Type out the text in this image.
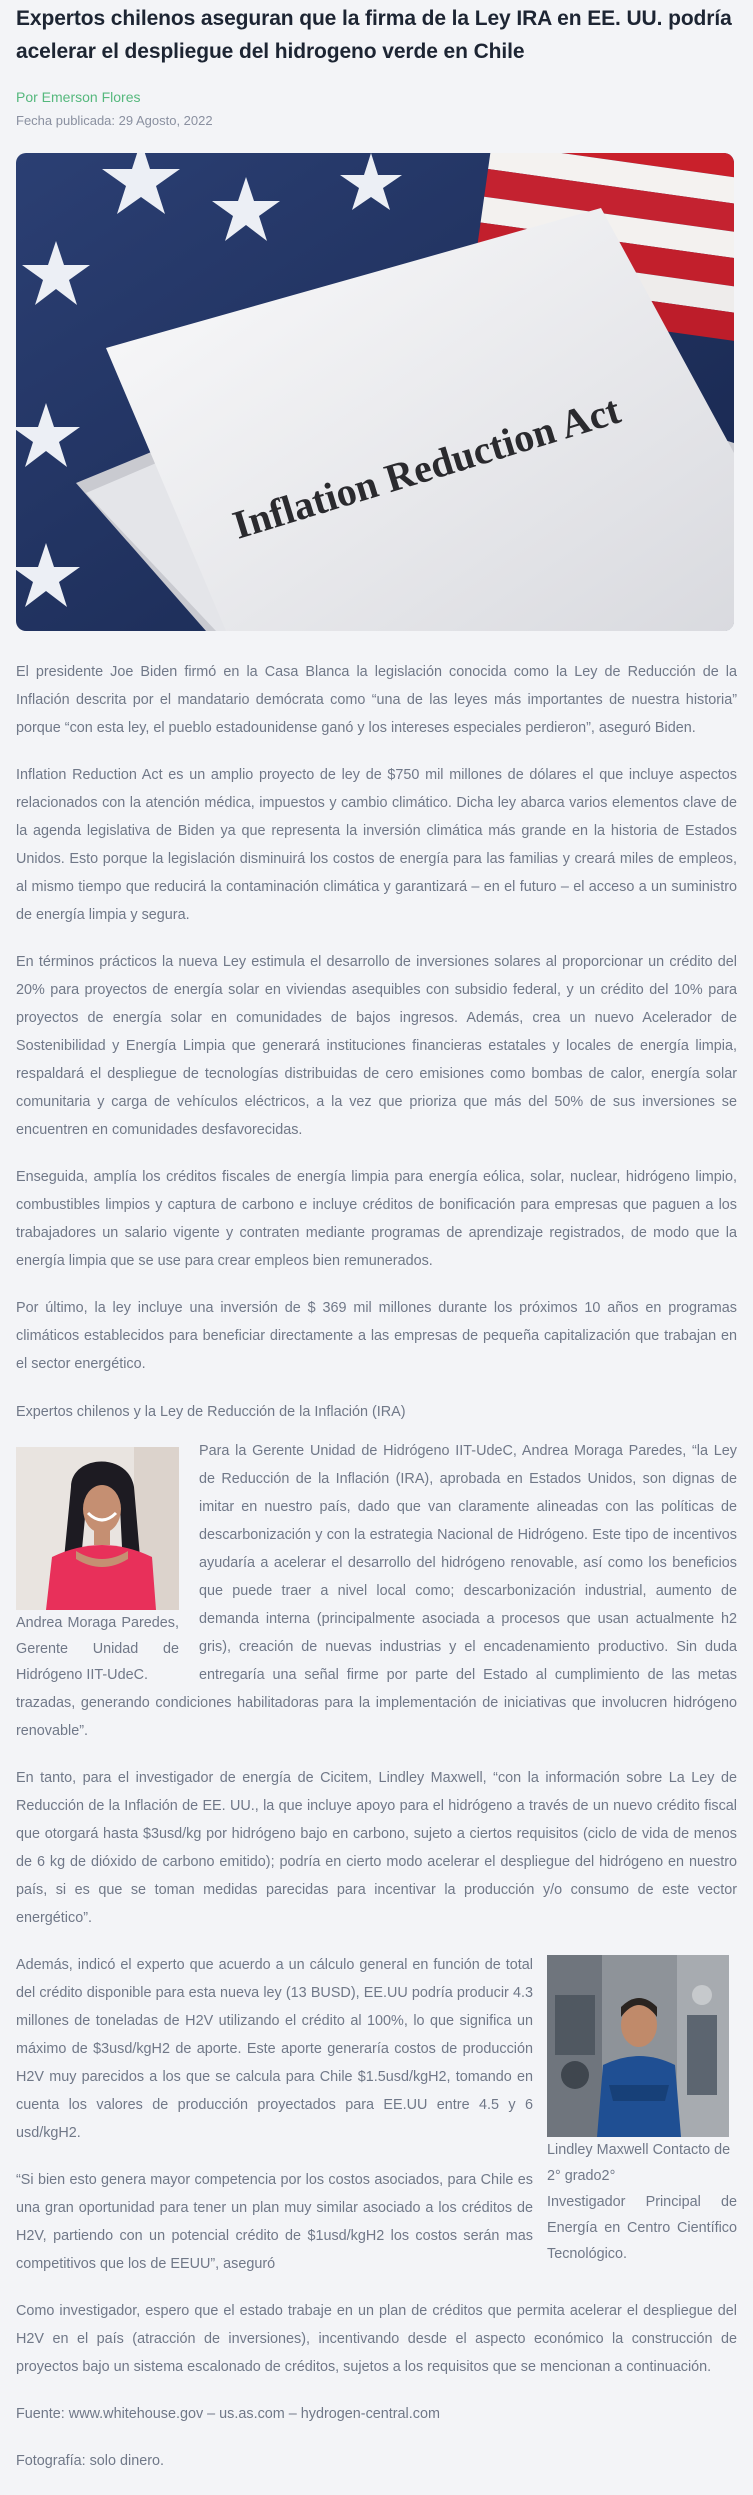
Expertos chilenos aseguran que la firma de la Ley IRA en EE. UU. podría acelerar el despliegue del hidrogeno verde en Chile
Por Emerson Flores
Fecha publicada: 29 Agosto, 2022
Inflation Reduction Act

El presidente Joe Biden firmó en la Casa Blanca la legislación conocida como la Ley de Reducción de la Inflación descrita por el mandatario demócrata como “una de las leyes más importantes de nuestra historia” porque “con esta ley, el pueblo estadounidense ganó y los intereses especiales perdieron”, aseguró Biden.

Inflation Reduction Act es un amplio proyecto de ley de $750 mil millones de dólares el que incluye aspectos relacionados con la atención médica, impuestos y cambio climático. Dicha ley abarca varios elementos clave de la agenda legislativa de Biden ya que representa la inversión climática más grande en la historia de Estados Unidos. Esto porque la legislación disminuirá los costos de energía para las familias y creará miles de empleos, al mismo tiempo que reducirá la contaminación climática y garantizará – en el futuro – el acceso a un suministro de energía limpia y segura.

En términos prácticos la nueva Ley estimula el desarrollo de inversiones solares al proporcionar un crédito del 20% para proyectos de energía solar en viviendas asequibles con subsidio federal, y un crédito del 10% para proyectos de energía solar en comunidades de bajos ingresos. Además, crea un nuevo Acelerador de Sostenibilidad y Energía Limpia que generará instituciones financieras estatales y locales de energía limpia, respaldará el despliegue de tecnologías distribuidas de cero emisiones como bombas de calor, energía solar comunitaria y carga de vehículos eléctricos, a la vez que prioriza que más del 50% de sus inversiones se encuentren en comunidades desfavorecidas.

Enseguida, amplía los créditos fiscales de energía limpia para energía eólica, solar, nuclear, hidrógeno limpio, combustibles limpios y captura de carbono e incluye créditos de bonificación para empresas que paguen a los trabajadores un salario vigente y contraten mediante programas de aprendizaje registrados, de modo que la energía limpia que se use para crear empleos bien remunerados.

Por último, la ley incluye una inversión de $ 369 mil millones durante los próximos 10 años en programas climáticos establecidos para beneficiar directamente a las empresas de pequeña capitalización que trabajan en el sector energético.

Expertos chilenos y la Ley de Reducción de la Inflación (IRA)
Andrea Moraga Paredes, Gerente Unidad de Hidrógeno IIT-UdeC.

Para la Gerente Unidad de Hidrógeno IIT-UdeC, Andrea Moraga Paredes, “la Ley de Reducción de la Inflación (IRA), aprobada en Estados Unidos, son dignas de imitar en nuestro país, dado que van claramente alineadas con las políticas de descarbonización y con la estrategia Nacional de Hidrógeno. Este tipo de incentivos ayudaría a acelerar el desarrollo del hidrógeno renovable, así como los beneficios que puede traer a nivel local como; descarbonización industrial, aumento de demanda interna (principalmente asociada a procesos que usan actualmente h2 gris), creación de nuevas industrias y el encadenamiento productivo. Sin duda entregaría una señal firme por parte del Estado al cumplimiento de las metas trazadas, generando condiciones habilitadoras para la implementación de iniciativas que involucren hidrógeno renovable”.

En tanto, para el investigador de energía de Cicitem, Lindley Maxwell, “con la información sobre La Ley de Reducción de la Inflación de EE. UU., la que incluye apoyo para el hidrógeno a través de un nuevo crédito fiscal que otorgará hasta $3usd/kg por hidrógeno bajo en carbono, sujeto a ciertos requisitos (ciclo de vida de menos de 6 kg de dióxido de carbono emitido); podría en cierto modo acelerar el despliegue del hidrógeno en nuestro país, si es que se toman medidas parecidas para incentivar la producción y/o consumo de este vector energético”.

Lindley Maxwell Contacto de
2° grado2°
Investigador Principal de Energía en Centro Científico Tecnológico.

Además, indicó el experto que acuerdo a un cálculo general en función de total del crédito disponible para esta nueva ley (13 BUSD), EE.UU podría producir 4.3 millones de toneladas de H2V utilizando el crédito al 100%, lo que significa un máximo de $3usd/kgH2 de aporte. Este aporte generaría costos de producción H2V muy parecidos a los que se calcula para Chile $1.5usd/kgH2, tomando en cuenta los valores de producción proyectados para EE.UU entre 4.5 y 6 usd/kgH2.

“Si bien esto genera mayor competencia por los costos asociados, para Chile es una gran oportunidad para tener un plan muy similar asociado a los créditos de H2V, partiendo con un potencial crédito de $1usd/kgH2 los costos serán mas competitivos que los de EEUU”, aseguró

Como investigador, espero que el estado trabaje en un plan de créditos que permita acelerar el despliegue del H2V en el país (atracción de inversiones), incentivando desde el aspecto económico la construcción de proyectos bajo un sistema escalonado de créditos, sujetos a los requisitos que se mencionan a continuación.

Fuente: www.whitehouse.gov – us.as.com – hydrogen-central.com

Fotografía: solo dinero.
